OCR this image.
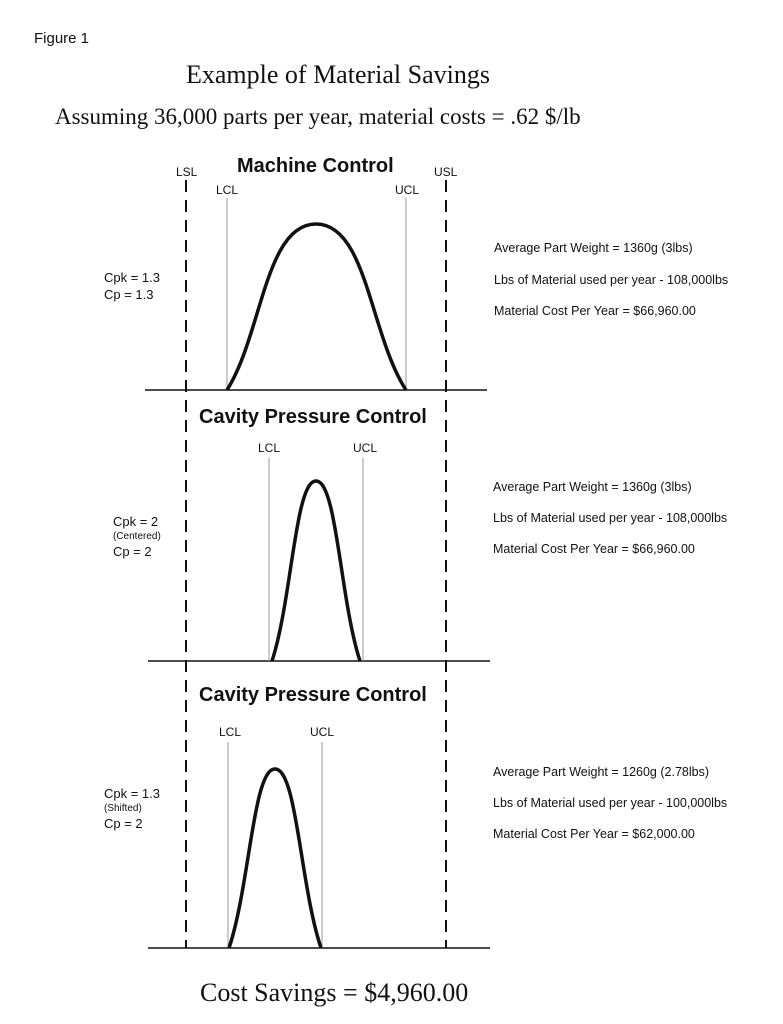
Figure 1
Example of Material Savings
Assuming 36,000 parts per year, material costs = .62 $/lb
LSL	USL
Machine Control
LCL	UCL
Cpk = 1.3
Cp = 1.3
Average Part Weight = 1360g (3lbs)
Lbs of Material used per year - 108,000lbs
Material Cost Per Year = $66,960.00
Cavity Pressure Control
LCL	UCL
Cpk = 2
(Centered)
Cp = 2
Average Part Weight = 1360g (3lbs)
Lbs of Material used per year - 108,000lbs
Material Cost Per Year = $66,960.00
Cavity Pressure Control
LCL	UCL
Cpk = 1.3
(Shifted)
Cp = 2
Average Part Weight = 1260g (2.78lbs)
Lbs of Material used per year - 100,000lbs
Material Cost Per Year = $62,000.00
Cost Savings = $4,960.00
